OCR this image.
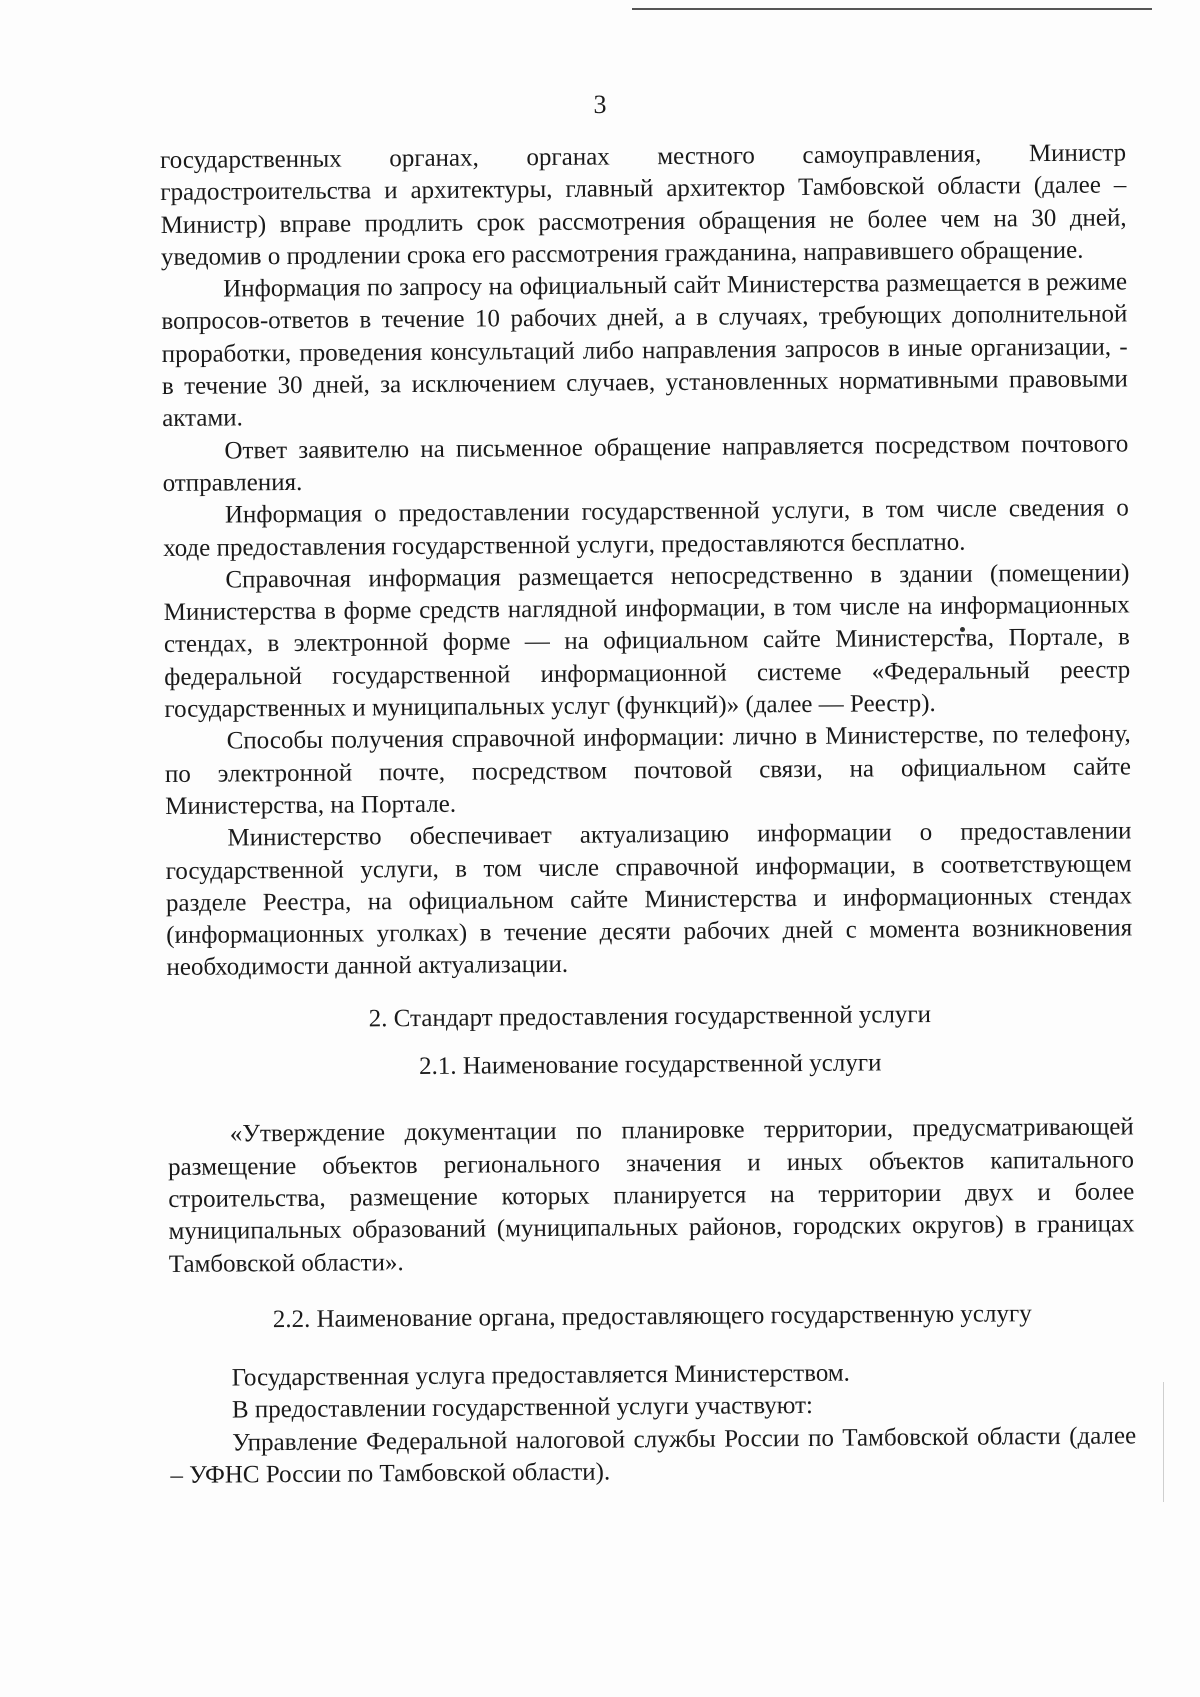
3

государственных органах, органах местного самоуправления, Министр градостроительства и архитектуры, главный архитектор Тамбовской области (далее – Министр) вправе продлить срок рассмотрения обращения не более чем на 30 дней, уведомив о продлении срока его рассмотрения гражданина, направившего обращение.

Информация по запросу на официальный сайт Министерства размещается в режиме вопросов-ответов в течение 10 рабочих дней, а в случаях, требующих дополнительной проработки, проведения консультаций либо направления запросов в иные организации, - в течение 30 дней, за исключением случаев, установленных нормативными правовыми актами.

Ответ заявителю на письменное обращение направляется посредством почтового отправления.

Информация о предоставлении государственной услуги, в том числе сведения о ходе предоставления государственной услуги, предоставляются бесплатно.

Справочная информация размещается непосредственно в здании (помещении) Министерства в форме средств наглядной информации, в том числе на информационных стендах, в электронной форме — на официальном сайте Министерства, Портале, в федеральной государственной информационной системе «Федеральный реестр государственных и муниципальных услуг (функций)» (далее — Реестр).

Способы получения справочной информации: лично в Министерстве, по телефону, по электронной почте, посредством почтовой связи, на официальном сайте Министерства, на Портале.

Министерство обеспечивает актуализацию информации о предоставлении государственной услуги, в том числе справочной информации, в соответствующем разделе Реестра, на официальном сайте Министерства и информационных стендах (информационных уголках) в течение десяти рабочих дней с момента возникновения необходимости данной актуализации.

2. Стандарт предоставления государственной услуги
2.1. Наименование государственной услуги

«Утверждение документации по планировке территории, предусматривающей размещение объектов регионального значения и иных объектов капитального строительства, размещение которых планируется на территории двух и более муниципальных образований (муниципальных районов, городских округов) в границах Тамбовской области».

2.2. Наименование органа, предоставляющего государственную услугу

Государственная услуга предоставляется Министерством.

В предоставлении государственной услуги участвуют:

Управление Федеральной налоговой службы России по Тамбовской области (далее – УФНС России по Тамбовской области).
